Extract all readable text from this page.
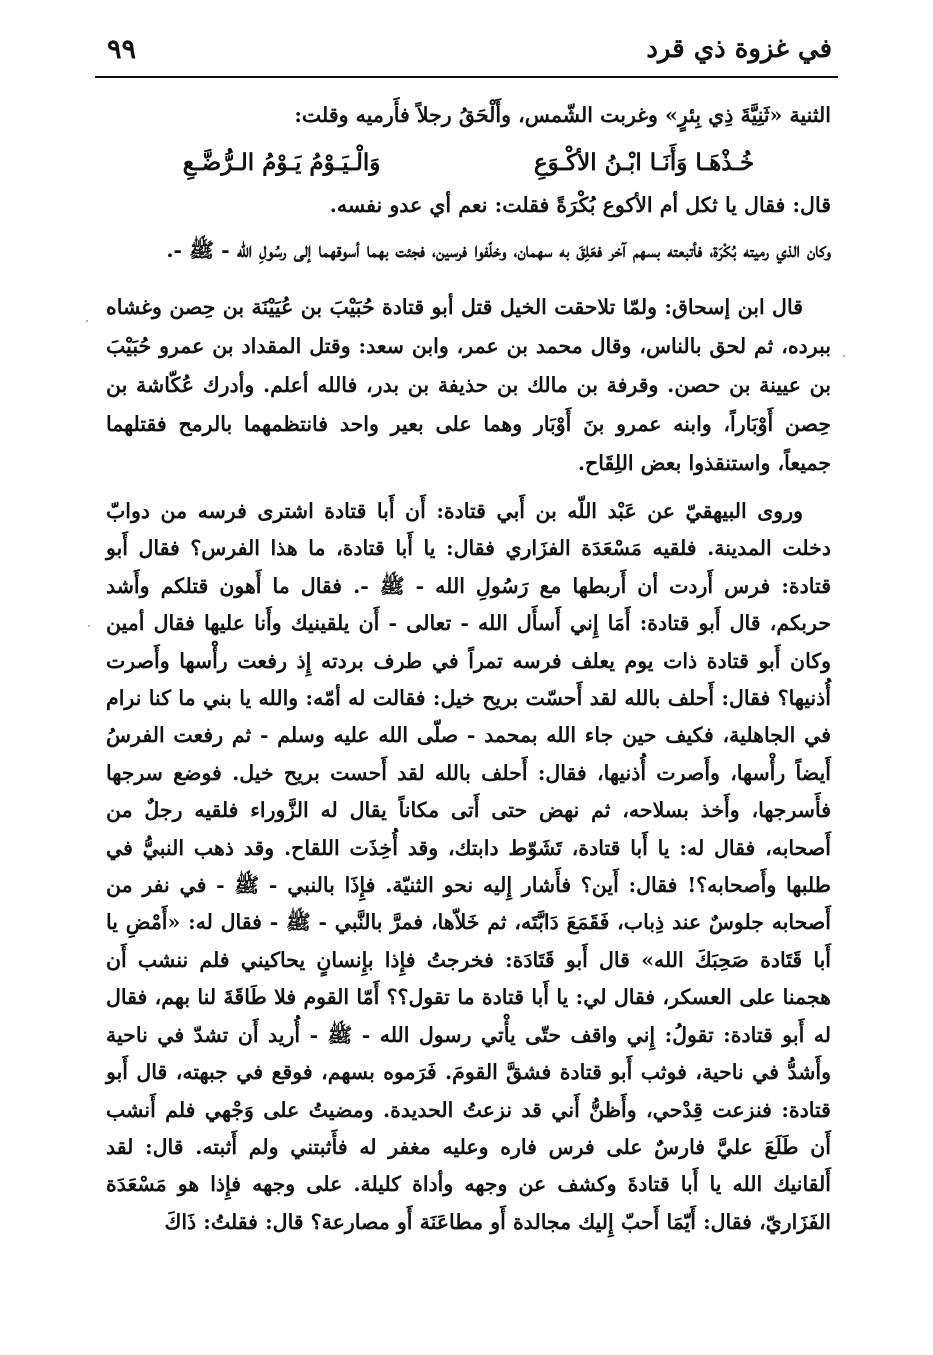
٩٩	في غزوة ذي قرد

الثنية «ثَنِيَّةَ ذِي بِئرٍ» وغربت الشّمس، وأَلْحَقُ رجلاً فأَرميه وقلت:

خُـذْهَـا وَأَنَـا ابْـنُ الأكْـوَعِ
وَالْـيَـوْمُ يَـوْمُ الـرُّضَّـعِ

قال: فقال يا ثكل أم الأكوع بُكْرَةً فقلت: نعم أي عدو نفسه.

وكان الذي رميته بُكْرَة، فأتبعته بسهم آخر فعَلِقَ به سهمان، وخلّفوا فرسين، فجئت بهما أسوقهما إلى رسُولِ الله - ﷺ -.

قال ابن إسحاق: ولمّا تلاحقت الخيل قتل أبو قتادة حُبَيْبَ بن عُيَيْنَة بن حِصن وغشاه ببرده، ثم لحق بالناس، وقال محمد بن عمر، وابن سعد: وقتل المقداد بن عمرو حُبَيْبَ بن عيينة بن حصن. وقرفة بن مالك بن حذيفة بن بدر، فالله أعلم. وأدرك عُكّاشة بن حِصن أَوْبَاراً، وابنه عمرو بنَ أَوْبَار وهما على بعير واحد فانتظمهما بالرمح فقتلهما جميعاً، واستنقذوا بعض اللِقَاح.

وروى البيهقيّ عن عَبْد اللّه بن أَبي قتادة: أَن أَبا قتادة اشترى فرسه من دوابّ دخلت المدينة. فلقيه مَسْعَدَة الفزَاري فقال: يا أَبا قتادة، ما هذا الفرس؟ فقال أَبو قتادة: فرس أَردت أن أَربطها مع رَسُولِ الله - ﷺ -. فقال ما أَهون قتلكم وأَشد حربكم، قال أَبو قتادة: أَمَا إِني أَسأَل الله - تعالى - أَن يلقينيك وأَنا عليها فقال أمين وكان أَبو قتادة ذات يوم يعلف فرسه تمراً في طرف بردته إِذ رفعت رأْسها وأَصرت أُذنيها؟ فقال: أَحلف بالله لقد أَحسّت بريح خيل: فقالت له أمّه: والله يا بني ما كنا نرام في الجاهلية، فكيف حين جاء الله بمحمد - صلّى الله عليه وسلم - ثم رفعت الفرسُ أَيضاً رأْسها، وأَصرت أُذنيها، فقال: أَحلف بالله لقد أَحست بريح خيل. فوضع سرجها فأَسرجها، وأَخذ بسلاحه، ثم نهض حتى أَتى مكاناً يقال له الزَّوراء فلقيه رجلٌ من أَصحابه، فقال له: يا أَبا قتادة، تَشَوّط دابتك، وقد أُخِذَت اللقاح. وقد ذهب النبيُّ في طلبها وأَصحابه؟! فقال: أَين؟ فأَشار إِليه نحو الثنيّة. فإِذَا بالنبي - ﷺ - في نفر من أَصحابه جلوسٌ عند ذِباب، فَقَمَعَ دَابَّتَه، ثم خَلاّها، فمرَّ بالنَّبي - ﷺ - فقال له: «أَمْضِ يا أَبا قَتَادة صَحِبَكَ الله» قال أَبو قَتَادَة: فخرجتُ فإِذا بإِنسانٍ يحاكيني فلم ننشب أَن هجمنا على العسكر، فقال لي: يا أَبا قتادة ما تقول؟؟ أَمّا القوم فلا طَاقَةَ لنا بهم، فقال له أَبو قتادة: تقولُ: إِني واقف حتّى يأْتي رسول الله - ﷺ - أُريد أَن تشدّ في ناحية وأَشدُّ في ناحية، فوثب أَبو قتادة فشقَّ القومَ. فَرَموه بسهم، فوقع في جبهته، قال أَبو قتادة: فنزعت قِدْحي، وأَظنُّ أَني قد نزعتُ الحديدة. ومضيتُ على وَجْهي فلم أَنشب أَن طَلَعَ عليَّ فارسٌ على فرس فاره وعليه مغفر له فأَثبتني ولم أَثبته. قال: لقد أَلقانيك الله يا أَبا قتادةَ وكشف عن وجهه وأداة كليلة. على وجهه فإِذا هو مَسْعَدَة الفَزَاريّ، فقال: أَيّمَا أَحبّ إِليك مجالدة أَو مطاعَنَة أَو مصارعة؟ قال: فقلتُ: ذَاكَ
